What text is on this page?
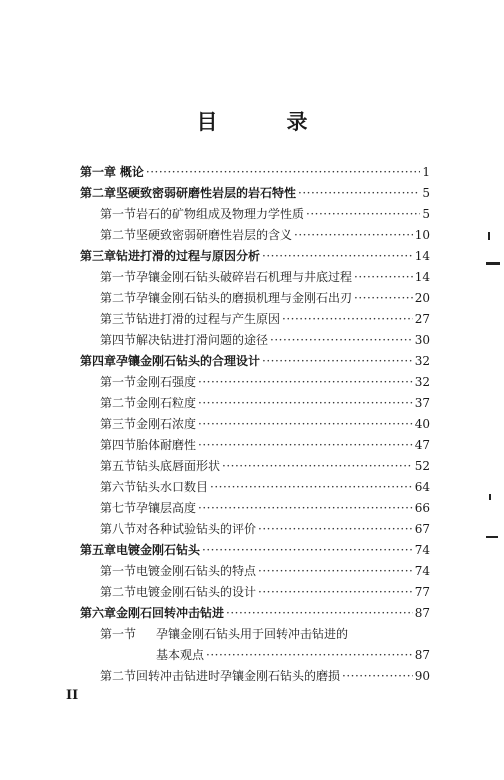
目　录
第一章 概论 ·····	1
第二章 坚硬致密弱研磨性岩层的岩石特性 ·····	5
第一节 岩石的矿物组成及物理力学性质 ·····	5
第二节 坚硬致密弱研磨性岩层的含义 ·····	10
第三章 钻进打滑的过程与原因分析 ·····	14
第一节 孕镶金刚石钻头破碎岩石机理与井底过程 ·····	14
第二节 孕镶金刚石钻头的磨损机理与金刚石出刃 ·····	20
第三节 钻进打滑的过程与产生原因 ·····	27
第四节 解决钻进打滑问题的途径 ·····	30
第四章 孕镶金刚石钻头的合理设计 ·····	32
第一节 金刚石强度 ·····	32
第二节 金刚石粒度 ·····	37
第三节 金刚石浓度 ·····	40
第四节 胎体耐磨性 ·····	47
第五节 钻头底唇面形状 ·····	52
第六节 钻头水口数目 ·····	64
第七节 孕镶层高度 ·····	66
第八节 对各种试验钻头的评价 ·····	67
第五章 电镀金刚石钻头 ·····	74
第一节 电镀金刚石钻头的特点 ·····	74
第二节 电镀金刚石钻头的设计 ·····	77
第六章 金刚石回转冲击钻进 ·····	87
第一节	孕镶金刚石钻头用于回转冲击钻进的
基本观点 ·····	87
第二节 回转冲击钻进时孕镶金刚石钻头的磨损 ·····	90
II
